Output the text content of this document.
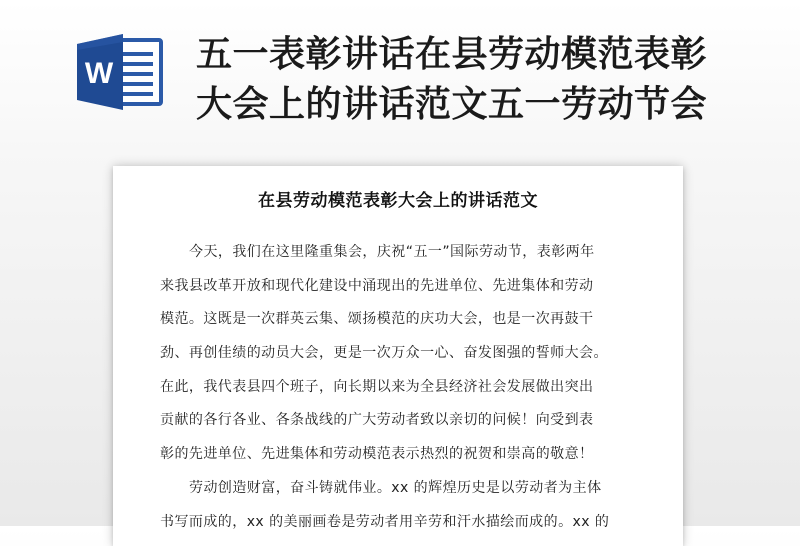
W 五一表彰讲话在县劳动模范表彰
大会上的讲话范文五一劳动节会
在县劳动模范表彰大会上的讲话范文
今天，我们在这里隆重集会，庆祝“五一”国际劳动节，表彰两年
来我县改革开放和现代化建设中涌现出的先进单位、先进集体和劳动
模范。这既是一次群英云集、颂扬模范的庆功大会，也是一次再鼓干
劲、再创佳绩的动员大会，更是一次万众一心、奋发图强的誓师大会。
在此，我代表县四个班子，向长期以来为全县经济社会发展做出突出
贡献的各行各业、各条战线的广大劳动者致以亲切的问候！向受到表
彰的先进单位、先进集体和劳动模范表示热烈的祝贺和崇高的敬意！
劳动创造财富，奋斗铸就伟业。xx 的辉煌历史是以劳动者为主体
书写而成的，xx 的美丽画卷是劳动者用辛劳和汗水描绘而成的。xx 的
